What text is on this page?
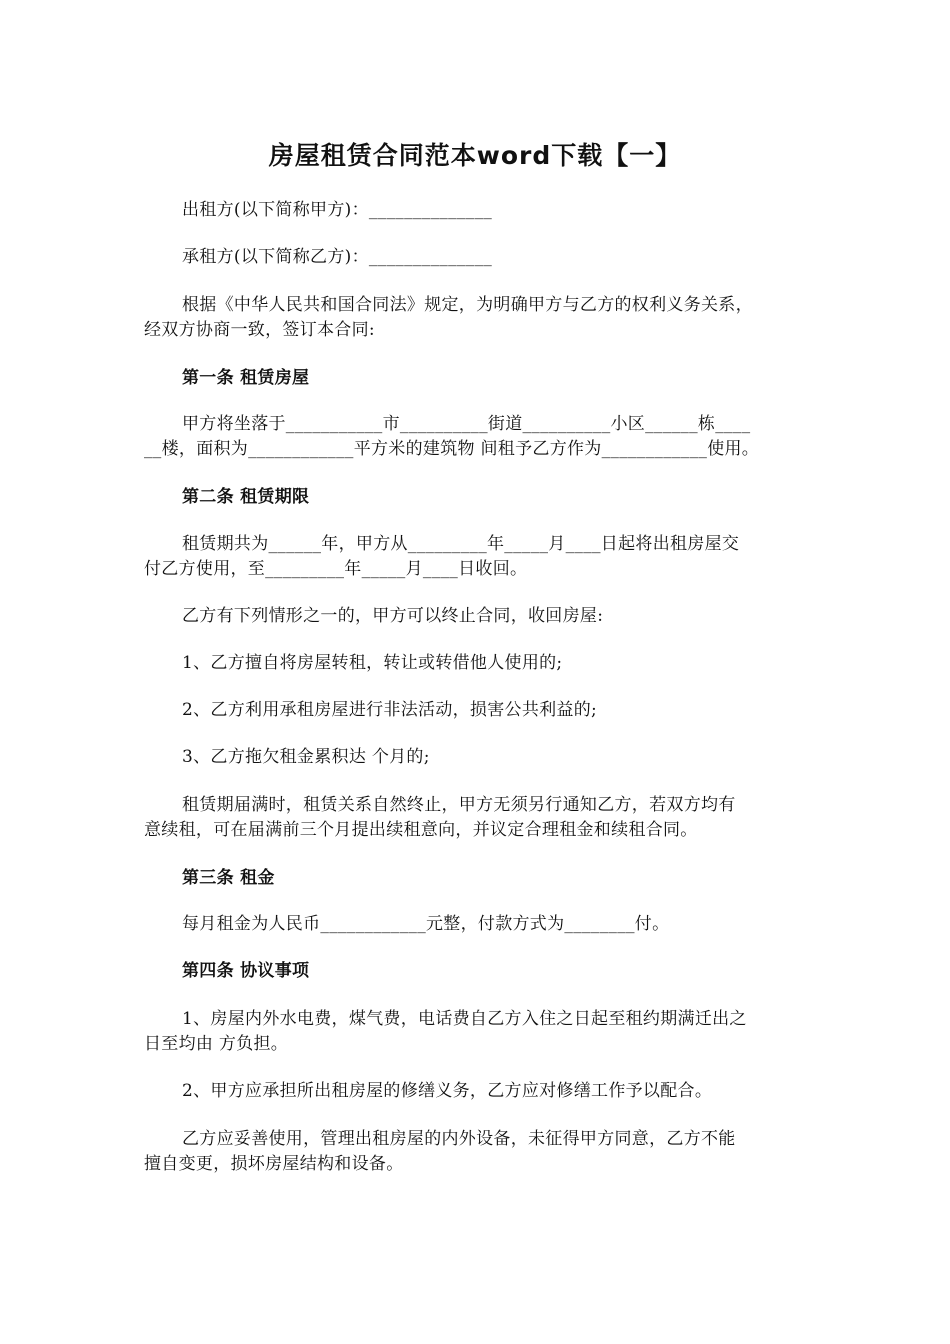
房屋租赁合同范本word下载【一】
出租方(以下简称甲方)：______________
承租方(以下简称乙方)：______________
根据《中华人民共和国合同法》规定，为明确甲方与乙方的权利义务关系，
经双方协商一致，签订本合同:
第一条 租赁房屋
甲方将坐落于___________市__________街道__________小区______栋____
__楼，面积为____________平方米的建筑物 间租予乙方作为____________使用。
第二条 租赁期限
租赁期共为______年，甲方从_________年_____月____日起将出租房屋交
付乙方使用，至_________年_____月____日收回。
乙方有下列情形之一的，甲方可以终止合同，收回房屋:
1、乙方擅自将房屋转租，转让或转借他人使用的;
2、乙方利用承租房屋进行非法活动，损害公共利益的;
3、乙方拖欠租金累积达 个月的;
租赁期届满时，租赁关系自然终止，甲方无须另行通知乙方，若双方均有
意续租，可在届满前三个月提出续租意向，并议定合理租金和续租合同。
第三条 租金
每月租金为人民币____________元整，付款方式为________付。
第四条 协议事项
1、房屋内外水电费，煤气费，电话费自乙方入住之日起至租约期满迁出之
日至均由 方负担。
2、甲方应承担所出租房屋的修缮义务，乙方应对修缮工作予以配合。
乙方应妥善使用，管理出租房屋的内外设备，未征得甲方同意，乙方不能
擅自变更，损坏房屋结构和设备。
